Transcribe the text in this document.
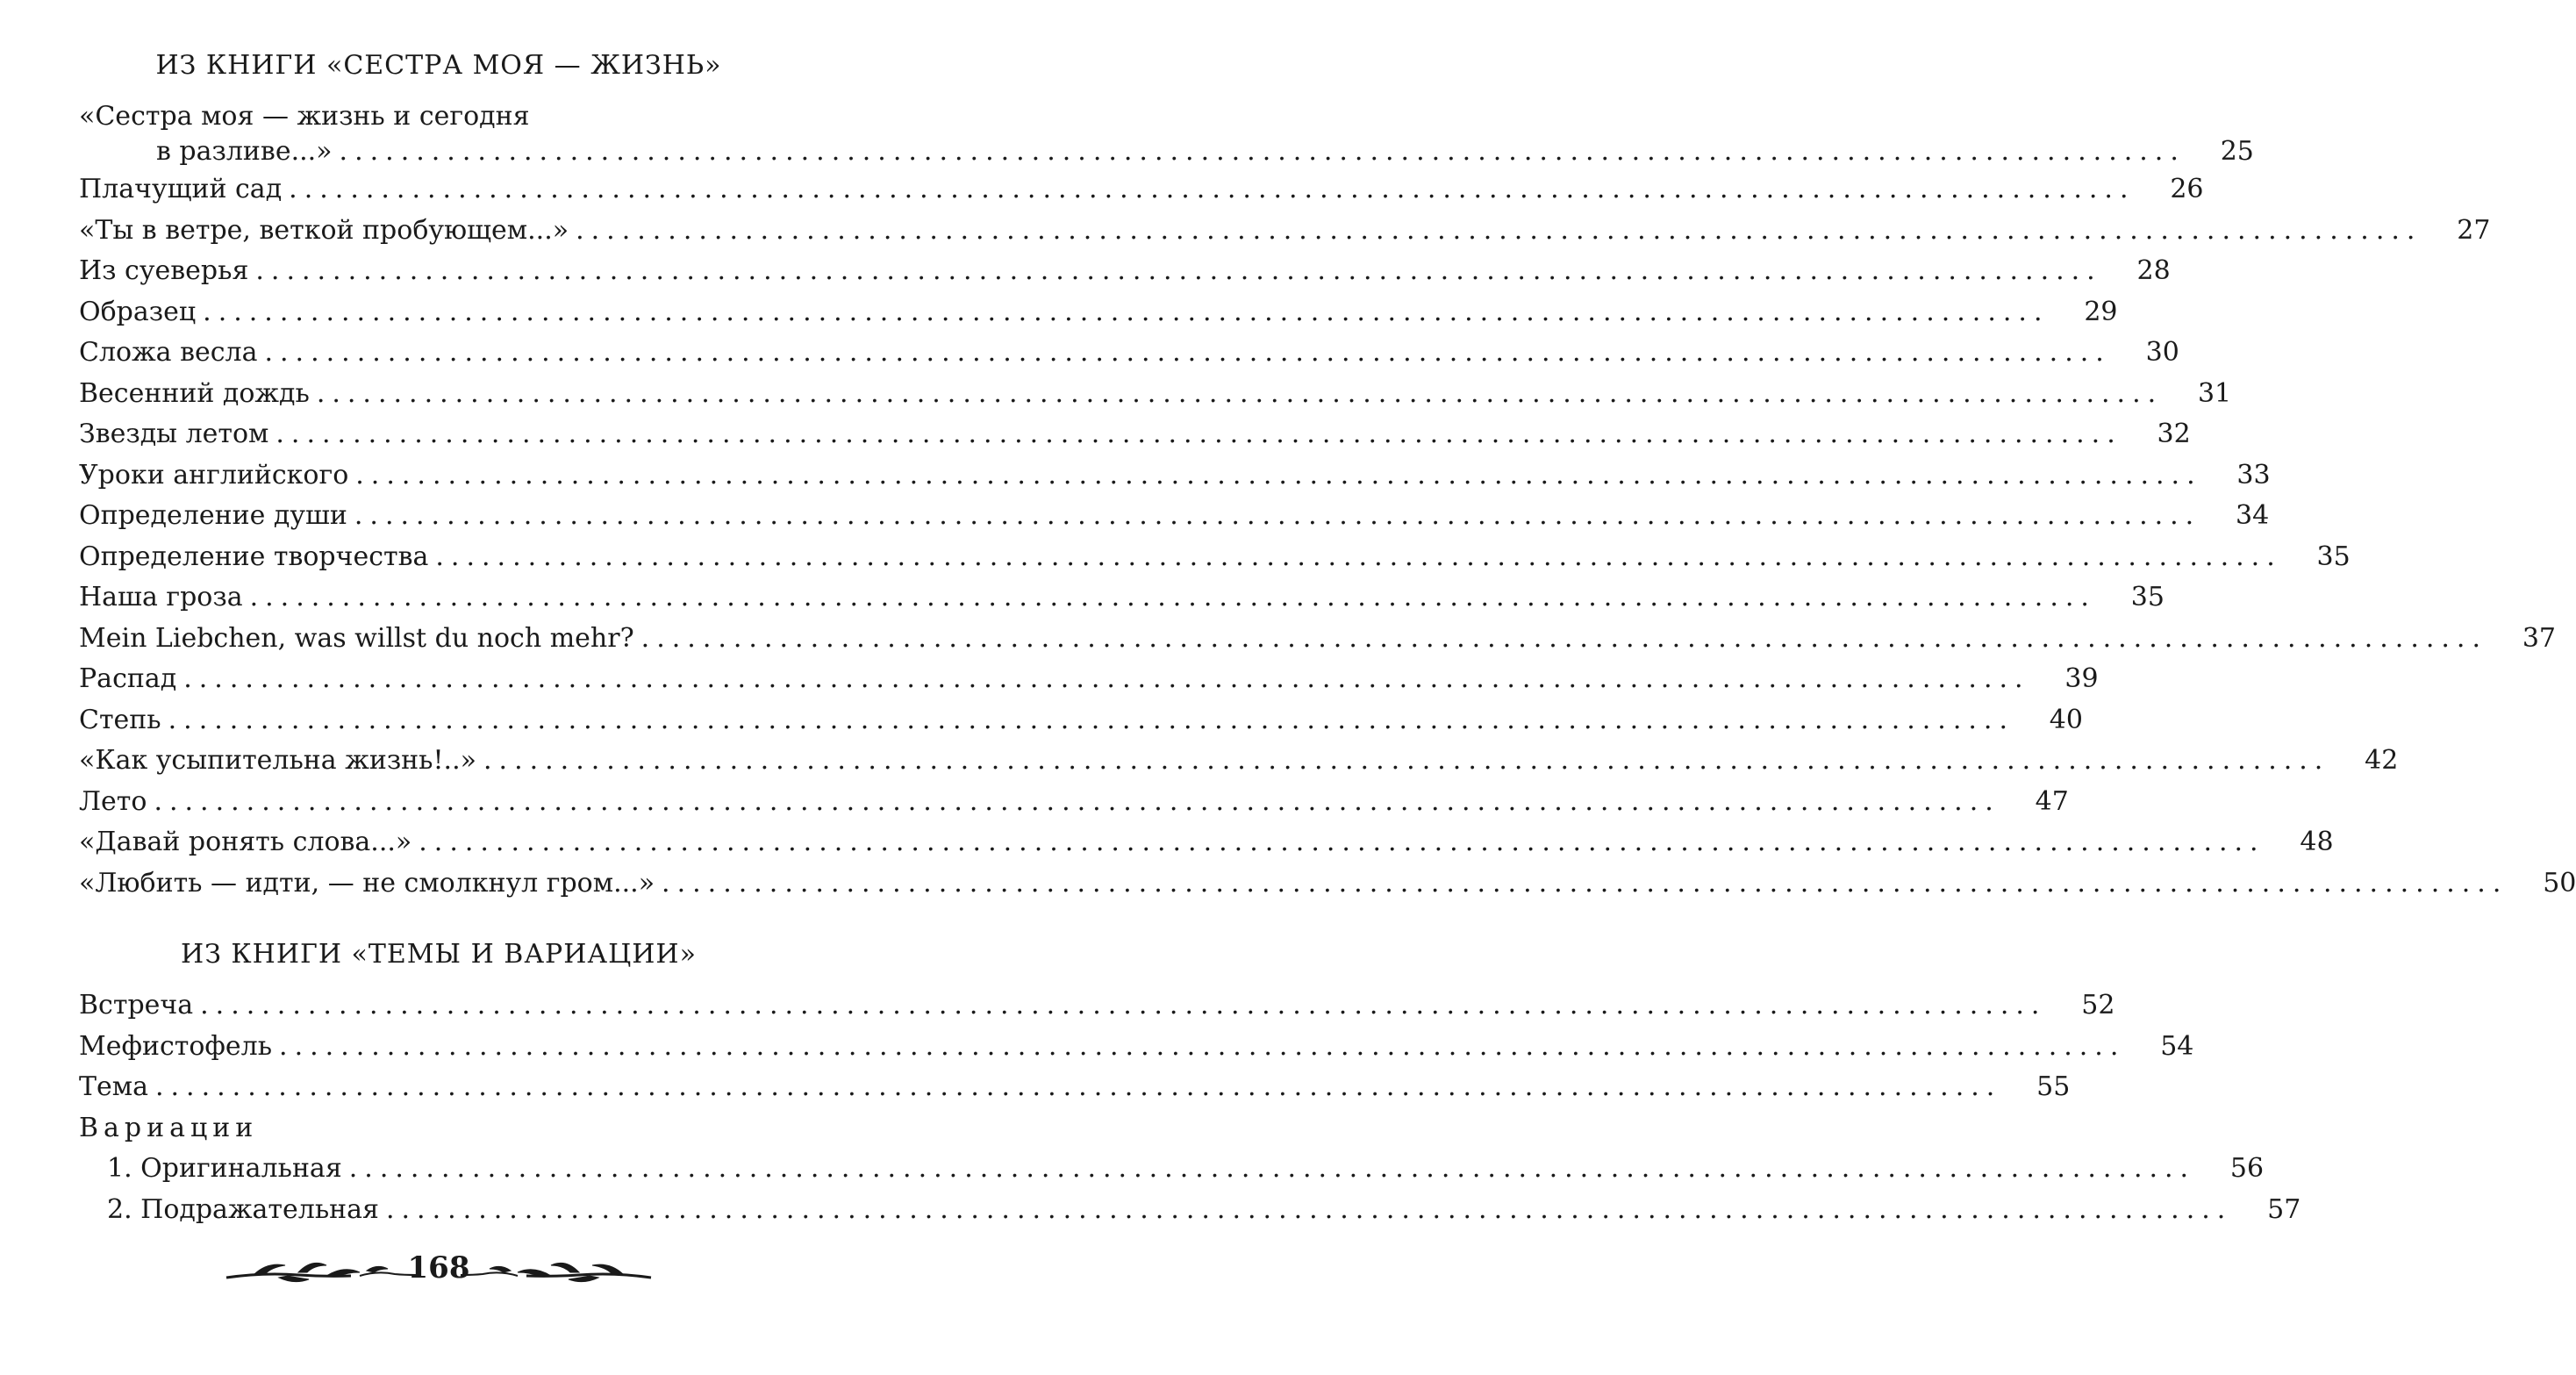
ИЗ КНИГИ «СЕСТРА МОЯ — ЖИЗНЬ»
«Сестра моя — жизнь и сегодня
в разливе...» ........................................................................................................................ 25
Плачущий сад ........................................................................................................................ 26
«Ты в ветре, веткой пробующем...» ........................................................................................................................ 27
Из суеверья ........................................................................................................................ 28
Образец ........................................................................................................................ 29
Сложа весла ........................................................................................................................ 30
Весенний дождь ........................................................................................................................ 31
Звезды летом ........................................................................................................................ 32
Уроки английского ........................................................................................................................ 33
Определение души ........................................................................................................................ 34
Определение творчества ........................................................................................................................ 35
Наша гроза ........................................................................................................................ 35
Mein Liebchen, was willst du noch mehr? ........................................................................................................................ 37
Распад ........................................................................................................................ 39
Степь ........................................................................................................................ 40
«Как усыпительна жизнь!..» ........................................................................................................................ 42
Лето ........................................................................................................................ 47
«Давай ронять слова...» ........................................................................................................................ 48
«Любить — идти, — не смолкнул гром...» ........................................................................................................................ 50
ИЗ КНИГИ «ТЕМЫ И ВАРИАЦИИ»
Встреча ........................................................................................................................ 52
Мефистофель ........................................................................................................................ 54
Тема ........................................................................................................................ 55
Вариации
1. Оригинальная ........................................................................................................................ 56
2. Подражательная ........................................................................................................................ 57
168
